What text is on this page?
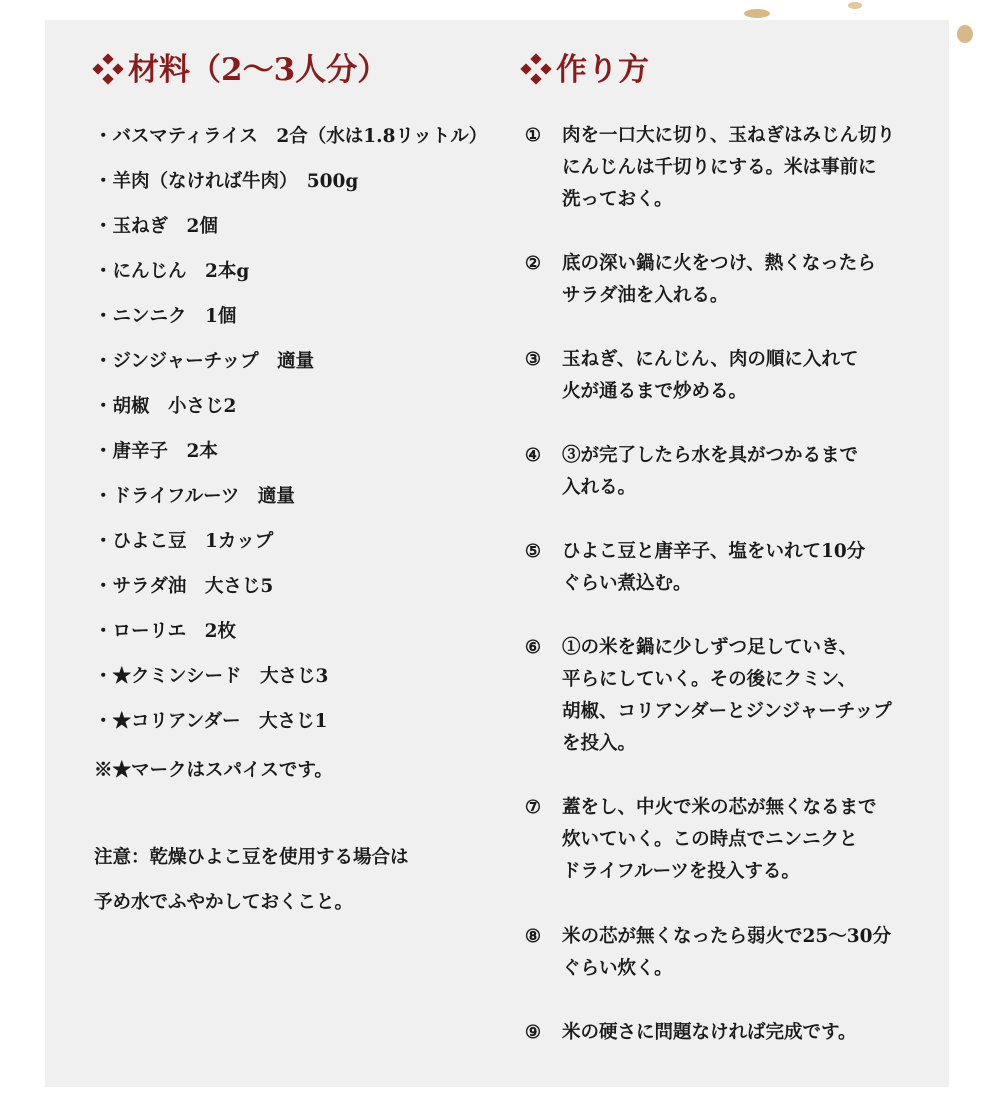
材料（2～3人分）
・バスマティライス　2合（水は1.8リットル）
・羊肉（なければ牛肉）　500g
・玉ねぎ　2個
・にんじん　2本g
・ニンニク　1個
・ジンジャーチップ　適量
・胡椒　小さじ2
・唐辛子　2本
・ドライフルーツ　適量
・ひよこ豆　1カップ
・サラダ油　大さじ5
・ローリエ　2枚
・★クミンシード　大さじ3
・★コリアンダー　大さじ1

※★マークはスパイスです。

注意：乾燥ひよこ豆を使用する場合は

予め水でふやかしておくこと。

作り方
① 肉を一口大に切り、玉ねぎはみじん切り
にんじんは千切りにする。米は事前に
洗っておく。
② 底の深い鍋に火をつけ、熱くなったら
サラダ油を入れる。
③ 玉ねぎ、にんじん、肉の順に入れて
火が通るまで炒める。
④ ③が完了したら水を具がつかるまで
入れる。
⑤ ひよこ豆と唐辛子、塩をいれて10分
ぐらい煮込む。
⑥ ①の米を鍋に少しずつ足していき、
平らにしていく。その後にクミン、
胡椒、コリアンダーとジンジャーチップ
を投入。
⑦ 蓋をし、中火で米の芯が無くなるまで
炊いていく。この時点でニンニクと
ドライフルーツを投入する。
⑧ 米の芯が無くなったら弱火で25～30分
ぐらい炊く。
⑨ 米の硬さに問題なければ完成です。
